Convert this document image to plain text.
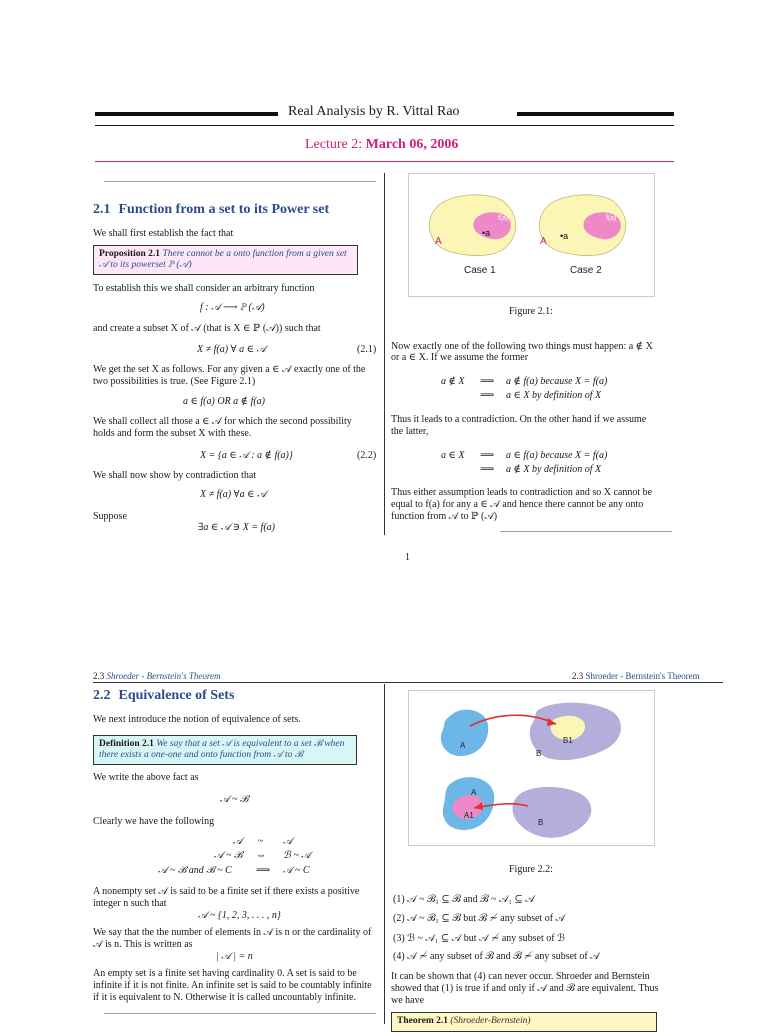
Real Analysis by R. Vittal Rao
Lecture 2: March 06, 2006
2.1 Function from a set to its Power set
We shall first establish the fact that
Proposition 2.1 There cannot be a onto function from a given set
𝒜 to its powerset ℙ (𝒜)
To establish this we shall consider an arbitrary function
f : 𝒜 ⟶ ℙ (𝒜)
and create a subset X of 𝒜 (that is X ∈ ℙ (𝒜)) such that
X ≠ f(a) ∀ a ∈ 𝒜	(2.1)
We get the set X as follows. For any given a ∈ 𝒜 exactly one of the
two possibilities is true. (See Figure 2.1)
a ∈ f(a) OR a ∉ f(a)
We shall collect all those a ∈ 𝒜 for which the second possibility
holds and form the subset X with these.
X = {a ∈ 𝒜 : a ∉ f(a)}	(2.2)
We shall now show by contradiction that
X ≠ f(a) ∀a ∈ 𝒜
Suppose
∃a ∈ 𝒜 ∋ X = f(a)
A
•a
f(a)
A •a
f(a)
Case 1	Case 2
Figure 2.1:
Now exactly one of the following two things must happen: a ∉ X
or a ∈ X. If we assume the former
a ∉ X ⟹ a ∉ f(a) because X = f(a)
⟹ a ∈ X by definition of X
Thus it leads to a contradiction. On the other hand if we assume
the latter,
a ∈ X ⟹ a ∈ f(a) because X = f(a)
⟹ a ∉ X by definition of X
Thus either assumption leads to contradiction and so X cannot be
equal to f(a) for any a ∈ 𝒜 and hence there cannot be any onto
function from 𝒜 to ℙ (𝒜)
1
2.3 Shroeder - Bernstein's Theorem	2.3 Shroeder - Bernstein's Theorem
2.2 Equivalence of Sets
We next introduce the notion of equivalence of sets.
Definition 2.1 We say that a set 𝒜 is equivalent to a set ℬ when
there exists a one-one and onto function from 𝒜 to ℬ
We write the above fact as
𝒜 ~ ℬ
Clearly we have the following
𝒜 ~ 𝒜
𝒜 ~ ℬ ⇔ ℬ ~ 𝒜
𝒜 ~ ℬ and ℬ ~ C ⟹ 𝒜 ~ C
A nonempty set 𝒜 is said to be a finite set if there exists a positive
integer n such that
𝒜 ~ {1, 2, 3, . . . , n}
We say that the the number of elements in 𝒜 is n or the cardinality of
𝒜 is n. This is written as
| 𝒜 | = n
An empty set is a finite set having cardinality 0. A set is said to be
infinite if it is not finite. An infinite set is said to be countably infinite
if it is equivalent to N. Otherwise it is called uncountably infinite.
A
B
B1
A
A1
B
Figure 2.2:
(1) 𝒜 ~ ℬ₁ ⊆ ℬ and ℬ ~ 𝒜₁ ⊆ 𝒜
(2) 𝒜 ~ ℬ₁ ⊆ ℬ but ℬ ≁ any subset of 𝒜
(3) ℬ ~ 𝒜₁ ⊆ 𝒜 but 𝒜 ≁ any subset of ℬ
(4) 𝒜 ≁ any subset of ℬ and ℬ ≁ any subset of 𝒜
It can be shown that (4) can never occur. Shroeder and Bernstein
showed that (1) is true if and only if 𝒜 and ℬ are equivalent. Thus
we have
Theorem 2.1 (Shroeder-Bernstein)
